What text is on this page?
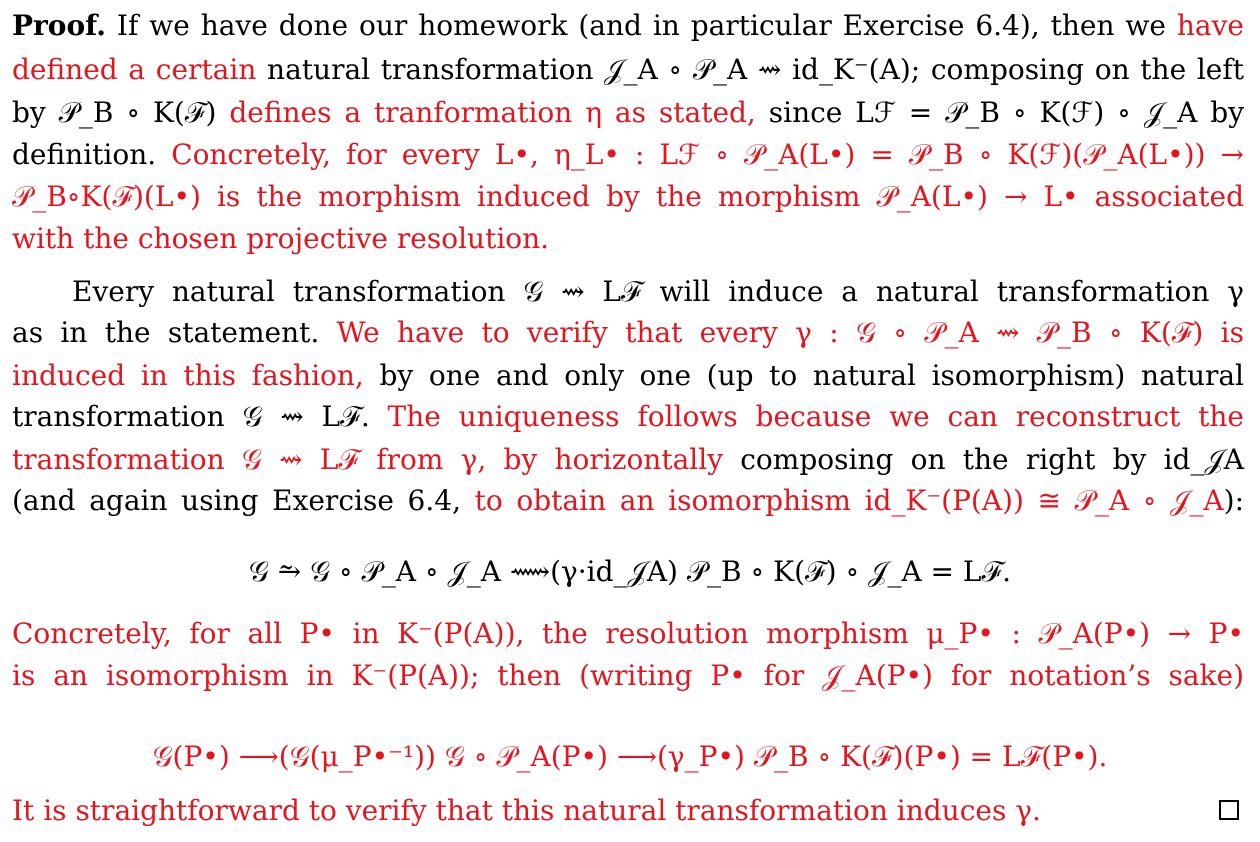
Proof. If we have done our homework (and in particular Exercise 6.4), then we have
defined a certain natural transformation 𝒥_A ∘ 𝒫_A ⇝ id_K⁻(A); composing on the left
by 𝒫_B ∘ K(ℱ) defines a tranformation η as stated, since Lℱ = 𝒫_B ∘ K(ℱ) ∘ 𝒥_A by
definition. Concretely, for every L•, η_L• : Lℱ ∘ 𝒫_A(L•) = 𝒫_B ∘ K(ℱ)(𝒫_A(L•)) →
𝒫_B∘K(ℱ)(L•) is the morphism induced by the morphism 𝒫_A(L•) → L• associated
with the chosen projective resolution.
Every natural transformation 𝒢 ⇝ Lℱ will induce a natural transformation γ
as in the statement. We have to verify that every γ : 𝒢 ∘ 𝒫_A ⇝ 𝒫_B ∘ K(ℱ) is
induced in this fashion, by one and only one (up to natural isomorphism) natural
transformation 𝒢 ⇝ Lℱ. The uniqueness follows because we can reconstruct the
transformation 𝒢 ⇝ Lℱ from γ, by horizontally composing on the right by id_𝒥A
(and again using Exercise 6.4, to obtain an isomorphism id_K⁻(P(A)) ≅ 𝒫_A ∘ 𝒥_A):
𝒢 ⥲ 𝒢 ∘ 𝒫_A ∘ 𝒥_A ⟿(γ·id_𝒥A) 𝒫_B ∘ K(ℱ) ∘ 𝒥_A = Lℱ.
Concretely, for all P• in K⁻(P(A)), the resolution morphism μ_P• : 𝒫_A(P•) → P•
is an isomorphism in K⁻(P(A)); then (writing P• for 𝒥_A(P•) for notation’s sake)
𝒢(P•) ⟶(𝒢(μ_P•⁻¹)) 𝒢 ∘ 𝒫_A(P•) ⟶(γ_P•) 𝒫_B ∘ K(ℱ)(P•) = Lℱ(P•).
It is straightforward to verify that this natural transformation induces γ.
